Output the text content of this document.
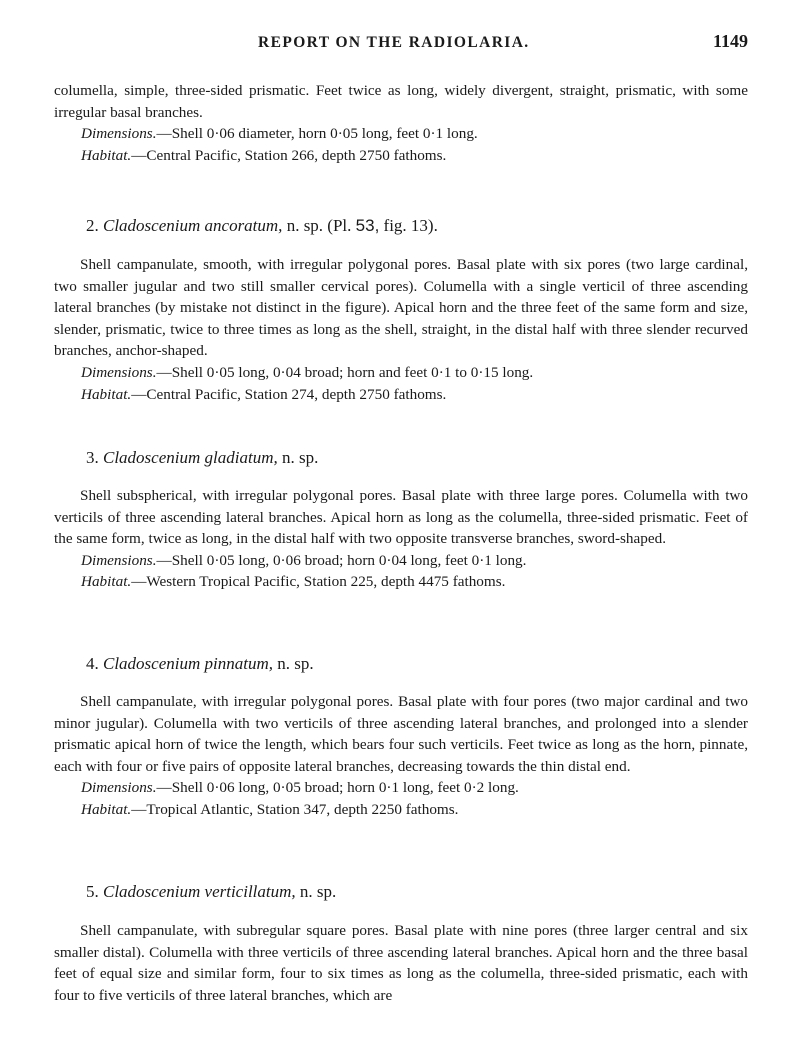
REPORT ON THE RADIOLARIA.	1149

columella, simple, three-sided prismatic. Feet twice as long, widely divergent, straight, prismatic, with some irregular basal branches.

Dimensions.—Shell 0·06 diameter, horn 0·05 long, feet 0·1 long.

Habitat.—Central Pacific, Station 266, depth 2750 fathoms.

2. Cladoscenium ancoratum, n. sp. (Pl. 53, fig. 13).

Shell campanulate, smooth, with irregular polygonal pores. Basal plate with six pores (two large cardinal, two smaller jugular and two still smaller cervical pores). Columella with a single verticil of three ascending lateral branches (by mistake not distinct in the figure). Apical horn and the three feet of the same form and size, slender, prismatic, twice to three times as long as the shell, straight, in the distal half with three slender recurved branches, anchor-shaped.

Dimensions.—Shell 0·05 long, 0·04 broad; horn and feet 0·1 to 0·15 long.

Habitat.—Central Pacific, Station 274, depth 2750 fathoms.

3. Cladoscenium gladiatum, n. sp.

Shell subspherical, with irregular polygonal pores. Basal plate with three large pores. Columella with two verticils of three ascending lateral branches. Apical horn as long as the columella, three-sided prismatic. Feet of the same form, twice as long, in the distal half with two opposite transverse branches, sword-shaped.

Dimensions.—Shell 0·05 long, 0·06 broad; horn 0·04 long, feet 0·1 long.

Habitat.—Western Tropical Pacific, Station 225, depth 4475 fathoms.

4. Cladoscenium pinnatum, n. sp.

Shell campanulate, with irregular polygonal pores. Basal plate with four pores (two major cardinal and two minor jugular). Columella with two verticils of three ascending lateral branches, and prolonged into a slender prismatic apical horn of twice the length, which bears four such verticils. Feet twice as long as the horn, pinnate, each with four or five pairs of opposite lateral branches, decreasing towards the thin distal end.

Dimensions.—Shell 0·06 long, 0·05 broad; horn 0·1 long, feet 0·2 long.

Habitat.—Tropical Atlantic, Station 347, depth 2250 fathoms.

5. Cladoscenium verticillatum, n. sp.

Shell campanulate, with subregular square pores. Basal plate with nine pores (three larger central and six smaller distal). Columella with three verticils of three ascending lateral branches. Apical horn and the three basal feet of equal size and similar form, four to six times as long as the columella, three-sided prismatic, each with four to five verticils of three lateral branches, which are
